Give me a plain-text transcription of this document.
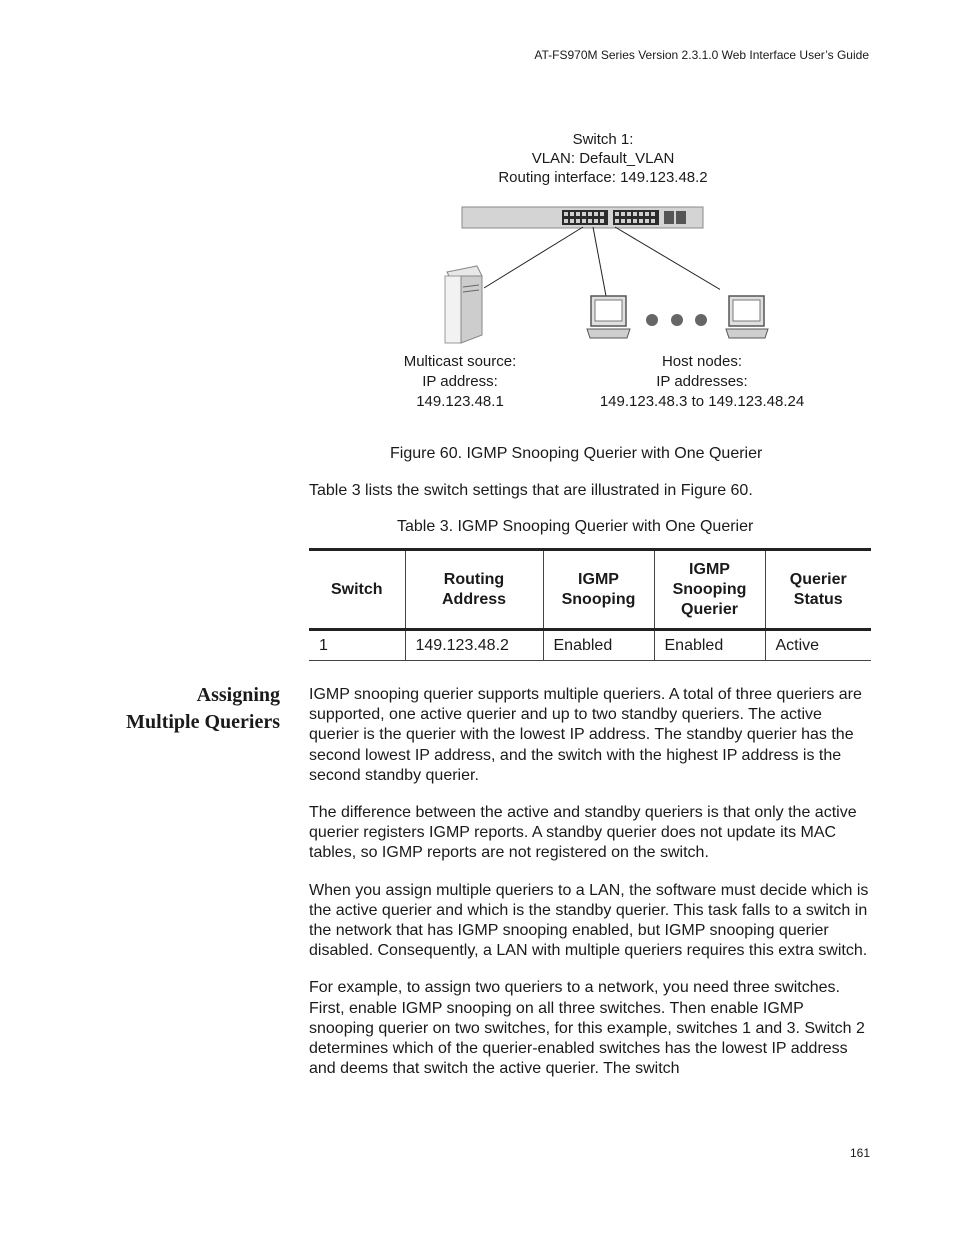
AT-FS970M Series Version 2.3.1.0 Web Interface User’s Guide
Switch 1:
VLAN: Default_VLAN
Routing interface: 149.123.48.2
Multicast source:
IP address:
149.123.48.1
Host nodes:
IP addresses:
149.123.48.3 to 149.123.48.24
Figure 60. IGMP Snooping Querier with One Querier
Table 3 lists the switch settings that are illustrated in Figure 60.
Table 3. IGMP Snooping Querier with One Querier
Switch	Routing Address	IGMP Snooping	IGMP Snooping Querier	Querier Status
1	149.123.48.2	Enabled	Enabled	Active
Assigning
Multiple Queriers

IGMP snooping querier supports multiple queriers. A total of three queriers are supported, one active querier and up to two standby queriers. The active querier is the querier with the lowest IP address. The standby querier has the second lowest IP address, and the switch with the highest IP address is the second standby querier.

The difference between the active and standby queriers is that only the active querier registers IGMP reports. A standby querier does not update its MAC tables, so IGMP reports are not registered on the switch.

When you assign multiple queriers to a LAN, the software must decide which is the active querier and which is the standby querier. This task falls to a switch in the network that has IGMP snooping enabled, but IGMP snooping querier disabled. Consequently, a LAN with multiple queriers requires this extra switch.

For example, to assign two queriers to a network, you need three switches. First, enable IGMP snooping on all three switches. Then enable IGMP snooping querier on two switches, for this example, switches 1 and 3. Switch 2 determines which of the querier-enabled switches has the lowest IP address and deems that switch the active querier. The switch

161
